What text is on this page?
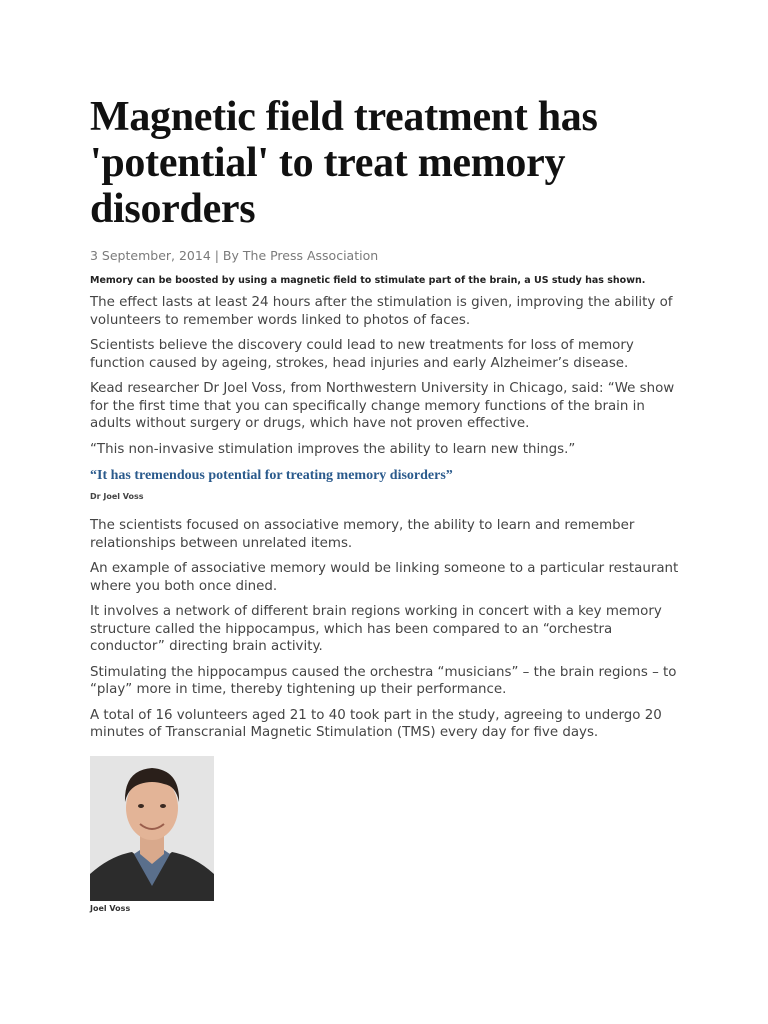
Magnetic field treatment has 'potential' to treat memory disorders
3 September, 2014 | By The Press Association
Memory can be boosted by using a magnetic field to stimulate part of the brain, a US study has shown.

The effect lasts at least 24 hours after the stimulation is given, improving the ability of volunteers to remember words linked to photos of faces.

Scientists believe the discovery could lead to new treatments for loss of memory function caused by ageing, strokes, head injuries and early Alzheimer’s disease.

Kead researcher Dr Joel Voss, from Northwestern University in Chicago, said: “We show for the first time that you can specifically change memory functions of the brain in adults without surgery or drugs, which have not proven effective.

“This non-invasive stimulation improves the ability to learn new things.”

“It has tremendous potential for treating memory disorders”
Dr Joel Voss

The scientists focused on associative memory, the ability to learn and remember relationships between unrelated items.

An example of associative memory would be linking someone to a particular restaurant where you both once dined.

It involves a network of different brain regions working in concert with a key memory structure called the hippocampus, which has been compared to an “orchestra conductor” directing brain activity.

Stimulating the hippocampus caused the orchestra “musicians” – the brain regions – to “play” more in time, thereby tightening up their performance.

A total of 16 volunteers aged 21 to 40 took part in the study, agreeing to undergo 20 minutes of Transcranial Magnetic Stimulation (TMS) every day for five days.

Joel Voss
